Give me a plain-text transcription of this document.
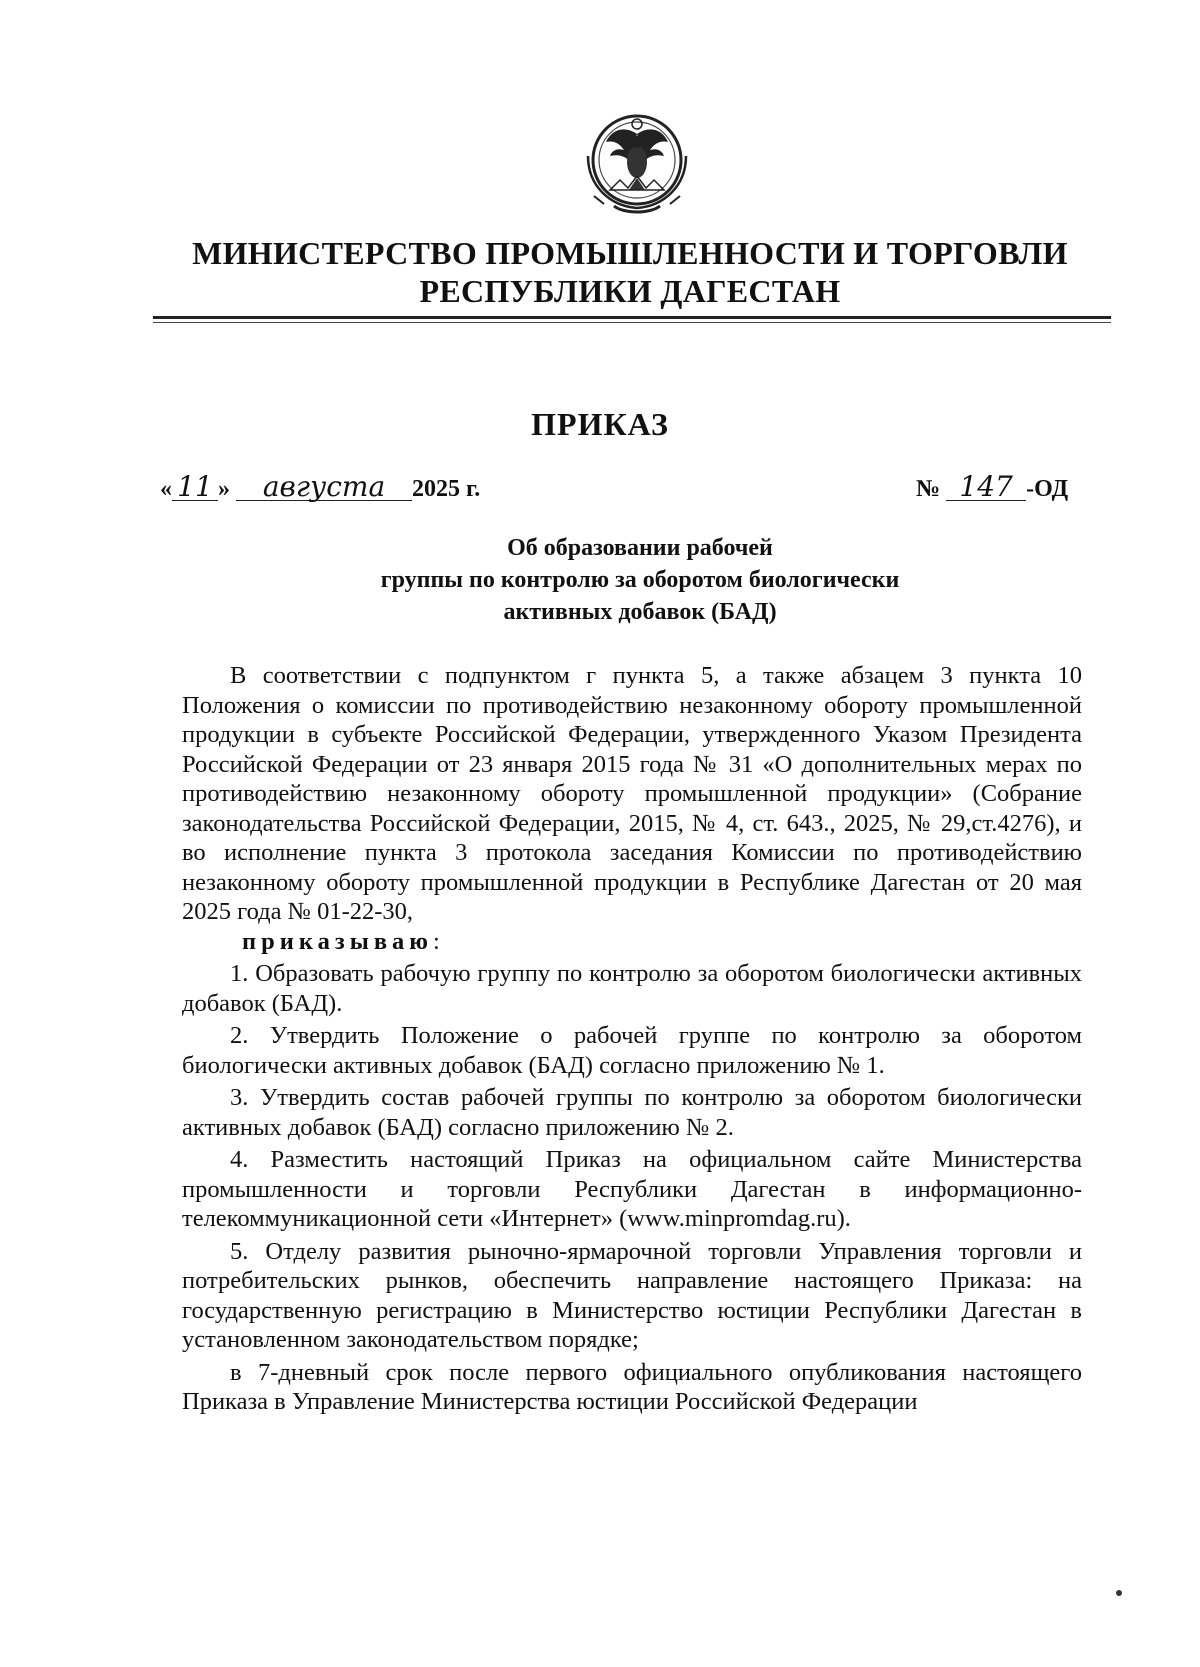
МИНИСТЕРСТВО ПРОМЫШЛЕННОСТИ И ТОРГОВЛИ
РЕСПУБЛИКИ ДАГЕСТАН
ПРИКАЗ
« 11 » августа 2025 г.	№ 147 -ОД
Об образовании рабочей
группы по контролю за оборотом биологически
активных добавок (БАД)

В соответствии с подпунктом г пункта 5, а также абзацем 3 пункта 10 Положения о комиссии по противодействию незаконному обороту промышленной продукции в субъекте Российской Федерации, утвержденного Указом Президента Российской Федерации от 23 января 2015 года № 31 «О дополнительных мерах по противодействию незаконному обороту промышленной продукции» (Собрание законодательства Российской Федерации, 2015, № 4, ст. 643., 2025, № 29,ст.4276), и во исполнение пункта 3 протокола заседания Комиссии по противодействию незаконному обороту промышленной продукции в Республике Дагестан от 20 мая 2025 года № 01-22-30,

приказываю:

1. Образовать рабочую группу по контролю за оборотом биологически активных добавок (БАД).

2. Утвердить Положение о рабочей группе по контролю за оборотом биологически активных добавок (БАД) согласно приложению № 1.

3. Утвердить состав рабочей группы по контролю за оборотом биологически активных добавок (БАД) согласно приложению № 2.

4. Разместить настоящий Приказ на официальном сайте Министерства промышленности и торговли Республики Дагестан в информационно-телекоммуникационной сети «Интернет» (www.minpromdag.ru).

5. Отделу развития рыночно-ярмарочной торговли Управления торговли и потребительских рынков, обеспечить направление настоящего Приказа: на государственную регистрацию в Министерство юстиции Республики Дагестан в установленном законодательством порядке;

в 7-дневный срок после первого официального опубликования настоящего Приказа в Управление Министерства юстиции Российской Федерации
